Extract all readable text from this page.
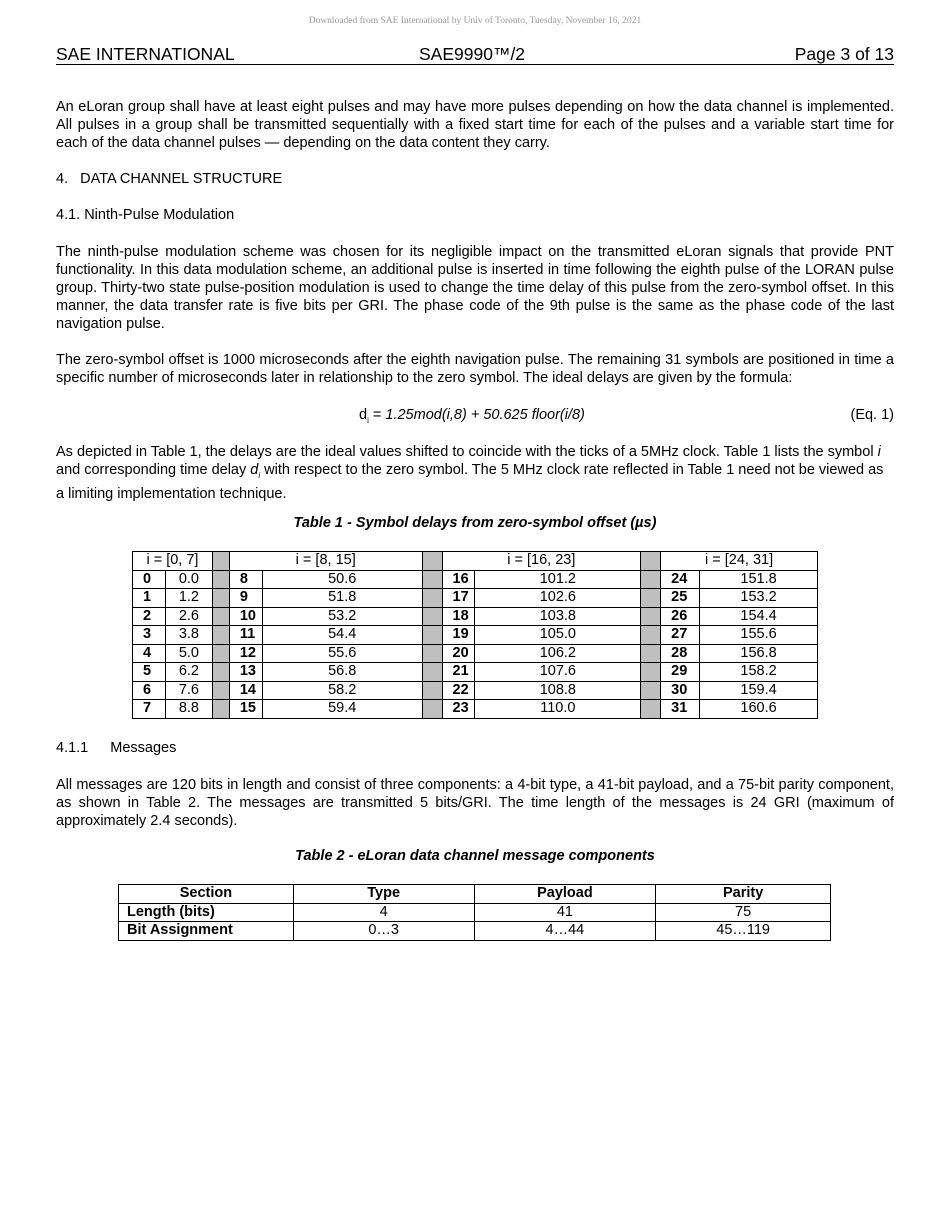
Downloaded from SAE International by Univ of Toronto, Tuesday, November 16, 2021
SAE INTERNATIONAL	SAE9990™/2	Page 3 of 13

An eLoran group shall have at least eight pulses and may have more pulses depending on how the data channel is implemented. All pulses in a group shall be transmitted sequentially with a fixed start time for each of the pulses and a variable start time for each of the data channel pulses — depending on the data content they carry.

4.   DATA CHANNEL STRUCTURE

4.1. Ninth-Pulse Modulation

The ninth-pulse modulation scheme was chosen for its negligible impact on the transmitted eLoran signals that provide PNT functionality. In this data modulation scheme, an additional pulse is inserted in time following the eighth pulse of the LORAN pulse group. Thirty-two state pulse-position modulation is used to change the time delay of this pulse from the zero-symbol offset. In this manner, the data transfer rate is five bits per GRI. The phase code of the 9th pulse is the same as the phase code of the last navigation pulse.

The zero-symbol offset is 1000 microseconds after the eighth navigation pulse. The remaining 31 symbols are positioned in time a specific number of microseconds later in relationship to the zero symbol. The ideal delays are given by the formula:

$d_i = 1.25mod(i,8) + 50.625$ floor(i/8)	(Eq. 1)

As depicted in Table 1, the delays are the ideal values shifted to coincide with the ticks of a 5MHz clock. Table 1 lists the symbol i and corresponding time delay $d_i$ with respect to the zero symbol. The 5 MHz clock rate reflected in Table 1 need not be viewed as a limiting implementation technique.

Table 1 - Symbol delays from zero-symbol offset (µs)
i = [0, 7]			i = [8, 15]			i = [16, 23]			i = [24, 31]	
0	0.0		8	50.6		16	101.2		24	151.8
1	1.2		9	51.8		17	102.6		25	153.2
2	2.6		10	53.2		18	103.8		26	154.4
3	3.8		11	54.4		19	105.0		27	155.6
4	5.0		12	55.6		20	106.2		28	156.8
5	6.2		13	56.8		21	107.6		29	158.2
6	7.6		14	58.2		22	108.8		30	159.4
7	8.8		15	59.4		23	110.0		31	160.6

4.1.1 Messages

All messages are 120 bits in length and consist of three components: a 4-bit type, a 41-bit payload, and a 75-bit parity component, as shown in Table 2. The messages are transmitted 5 bits/GRI. The time length of the messages is 24 GRI (maximum of approximately 2.4 seconds).

Table 2 - eLoran data channel message components
Section	Type	Payload	Parity
Length (bits)	4	41	75
Bit Assignment	0…3	4…44	45…119
